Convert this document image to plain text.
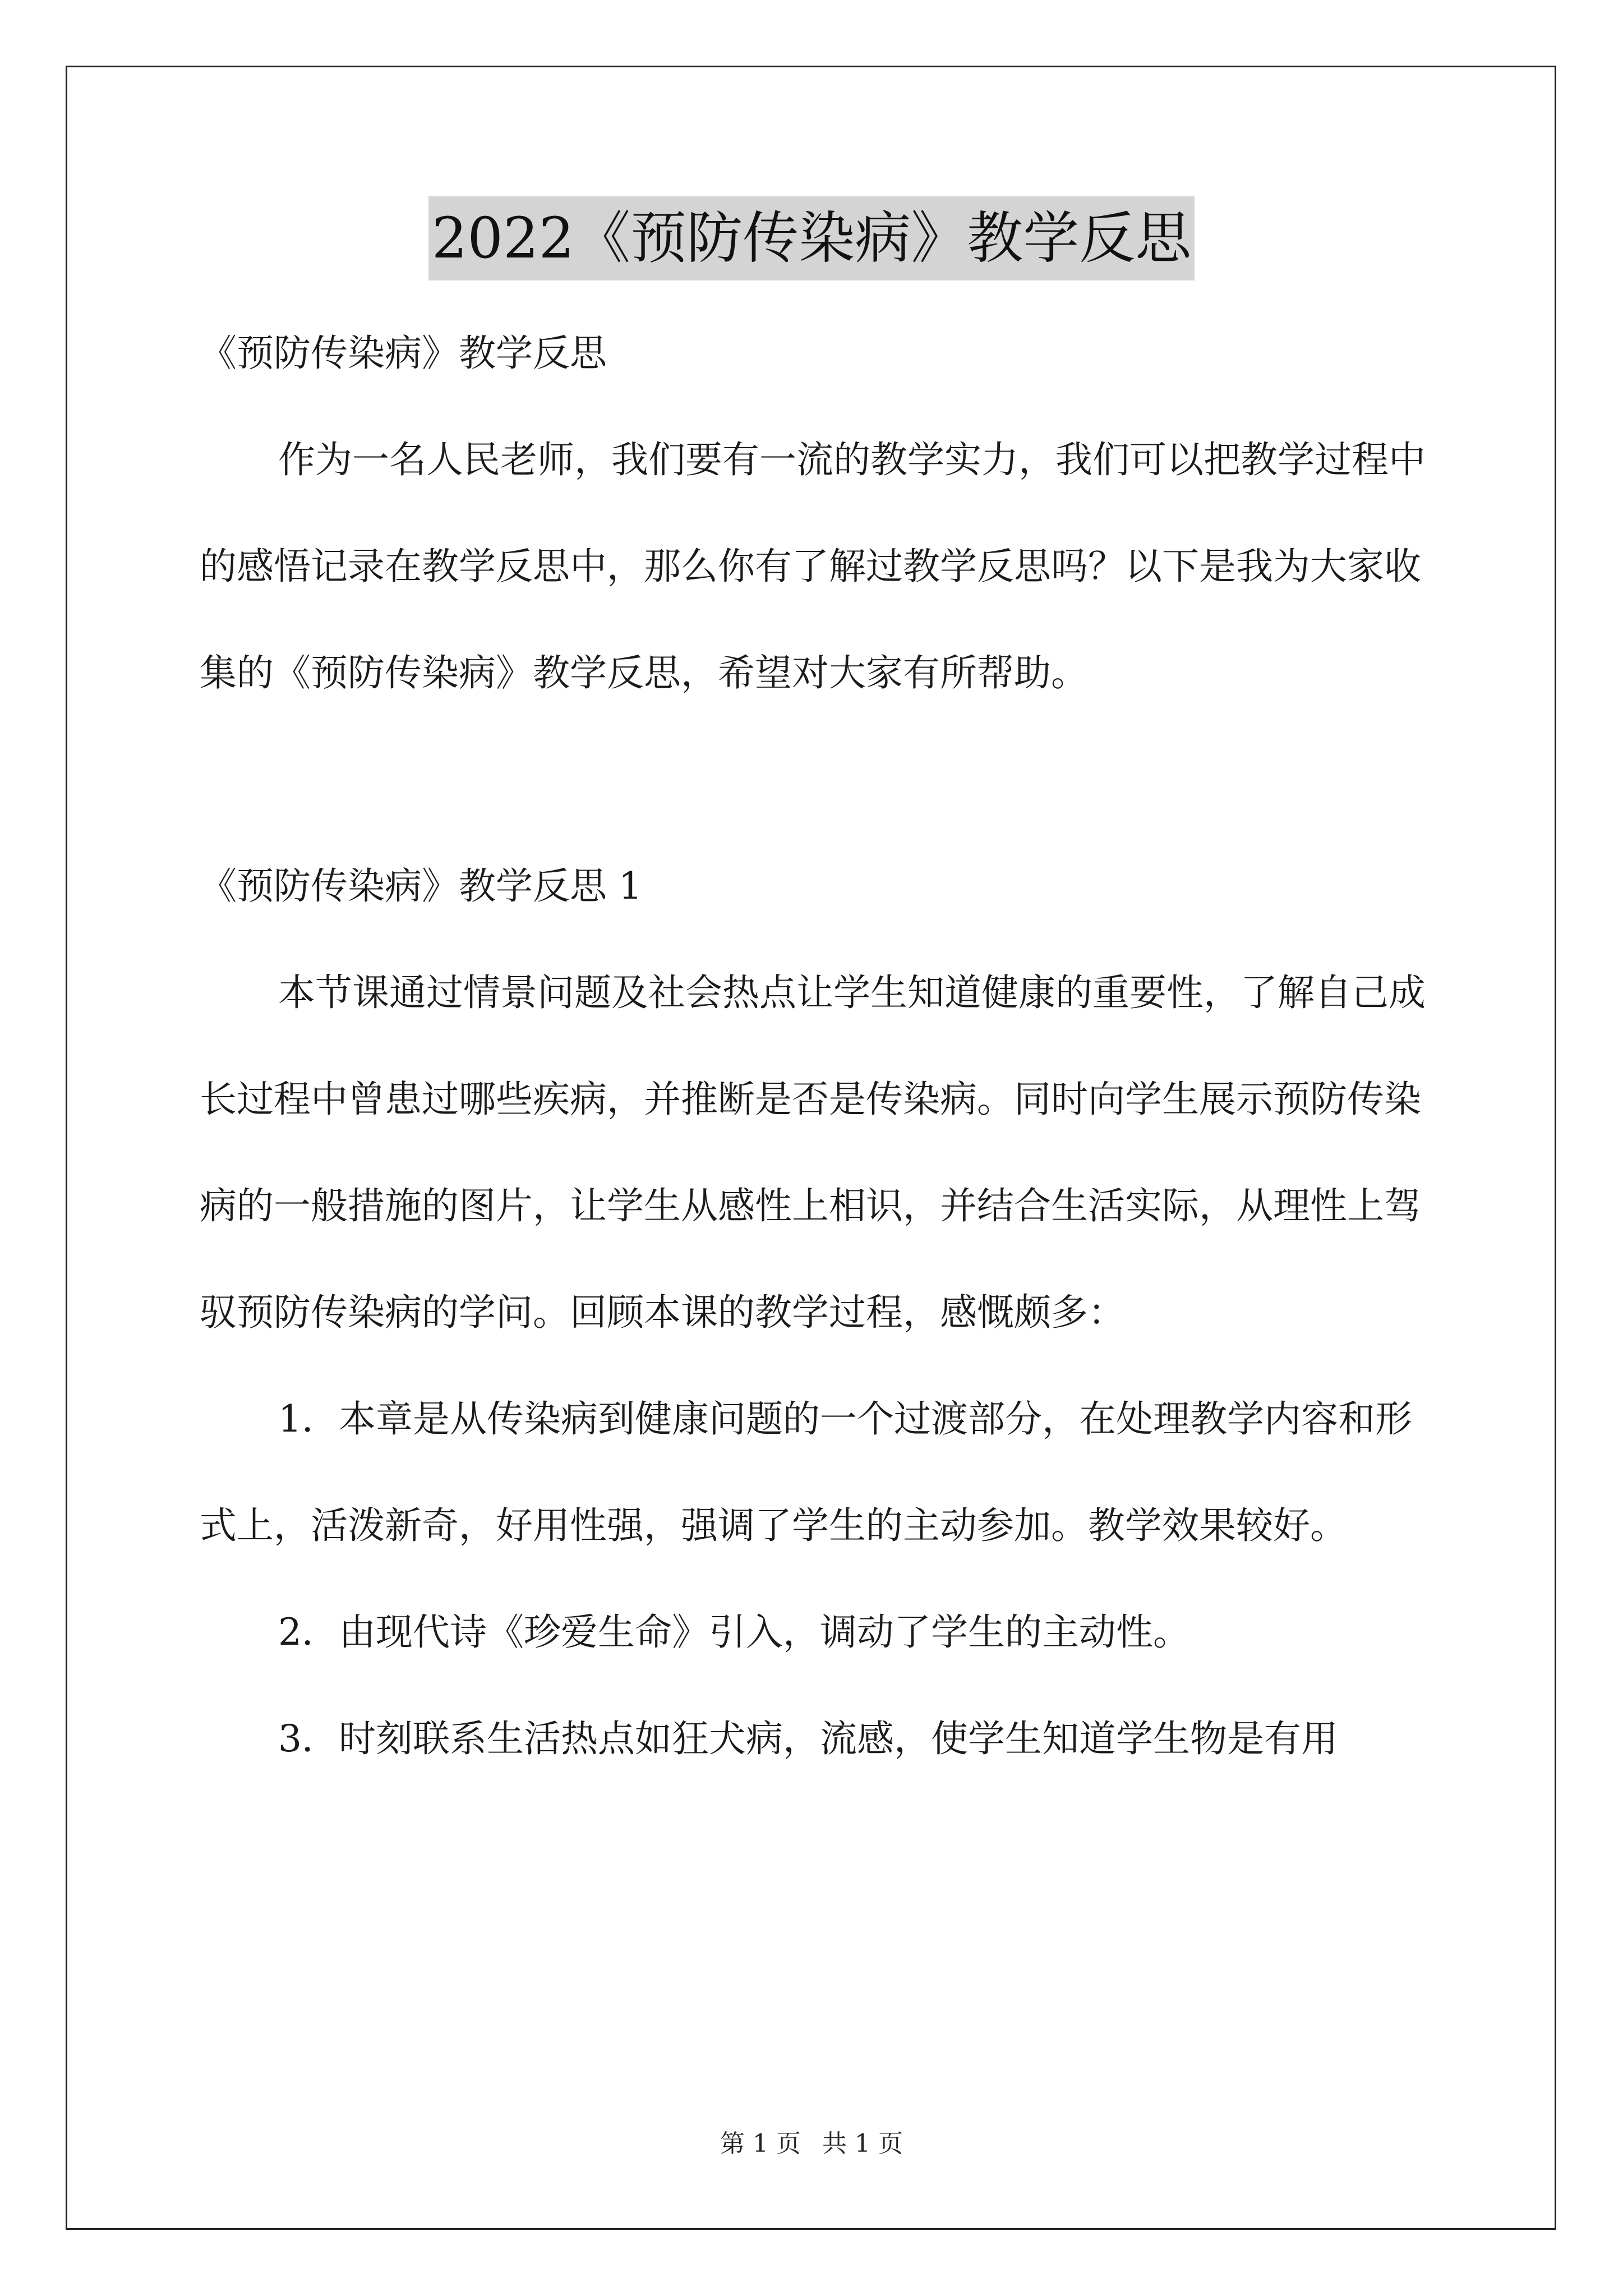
2022《预防传染病》教学反思

《预防传染病》教学反思

作为一名人民老师，我们要有一流的教学实力，我们可以把教学过程中的感悟记录在教学反思中，那么你有了解过教学反思吗？以下是我为大家收集的《预防传染病》教学反思，希望对大家有所帮助。

《预防传染病》教学反思 1

本节课通过情景问题及社会热点让学生知道健康的重要性，了解自己成长过程中曾患过哪些疾病，并推断是否是传染病。同时向学生展示预防传染病的一般措施的图片，让学生从感性上相识，并结合生活实际，从理性上驾驭预防传染病的学问。回顾本课的教学过程，感慨颇多：

1．本章是从传染病到健康问题的一个过渡部分，在处理教学内容和形式上，活泼新奇，好用性强，强调了学生的主动参加。教学效果较好。

2．由现代诗《珍爱生命》引入，调动了学生的主动性。

3．时刻联系生活热点如狂犬病，流感，使学生知道学生物是有用

第 1 页 共 1 页
